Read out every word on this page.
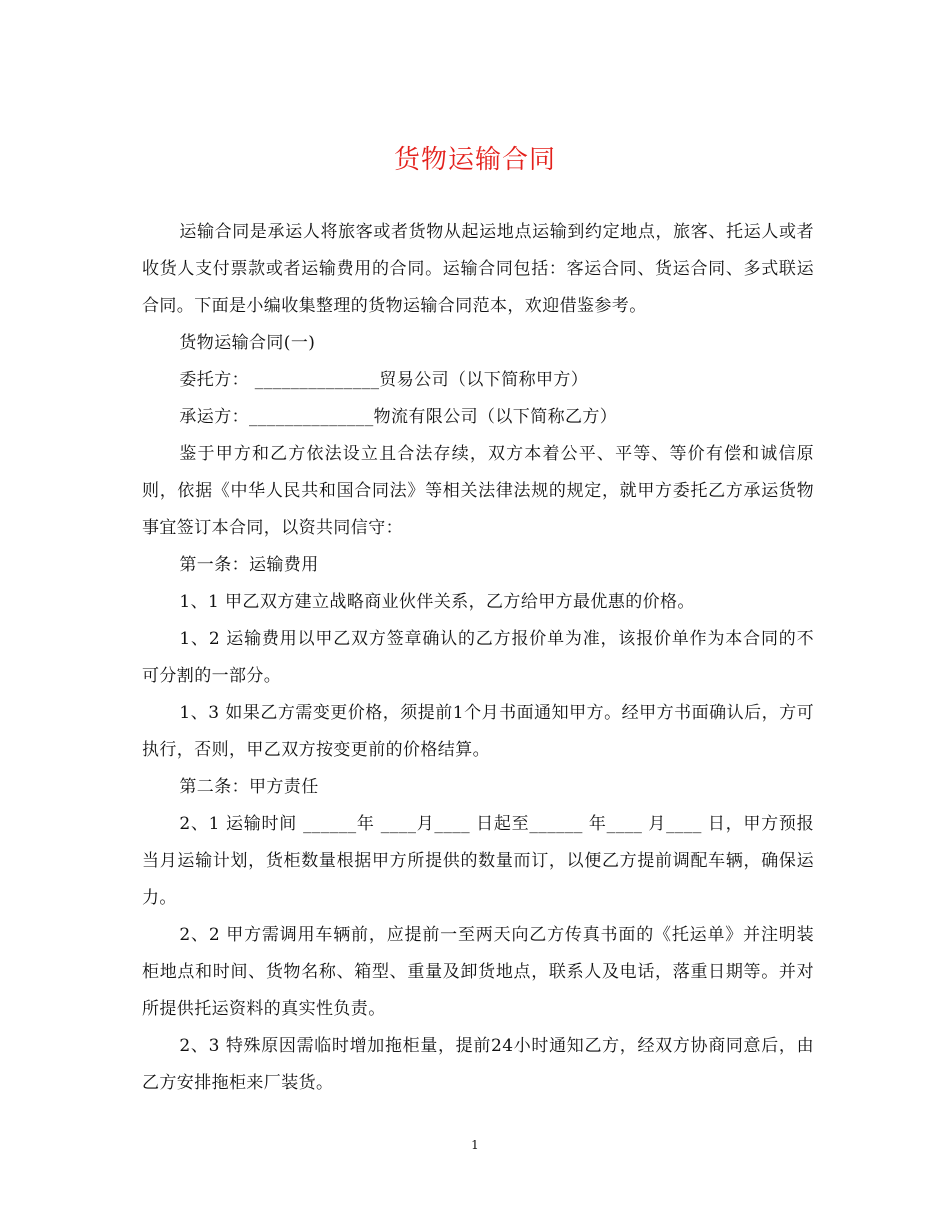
货物运输合同

运输合同是承运人将旅客或者货物从起运地点运输到约定地点，旅客、托运人或者收货人支付票款或者运输费用的合同。运输合同包括：客运合同、货运合同、多式联运合同。下面是小编收集整理的货物运输合同范本，欢迎借鉴参考。

货物运输合同(一)

委托方： ______________贸易公司（以下简称甲方）

承运方：______________物流有限公司（以下简称乙方）

鉴于甲方和乙方依法设立且合法存续，双方本着公平、平等、等价有偿和诚信原则，依据《中华人民共和国合同法》等相关法律法规的规定，就甲方委托乙方承运货物事宜签订本合同，以资共同信守：

第一条：运输费用

1、1 甲乙双方建立战略商业伙伴关系，乙方给甲方最优惠的价格。

1、2 运输费用以甲乙双方签章确认的乙方报价单为准，该报价单作为本合同的不可分割的一部分。

1、3 如果乙方需变更价格，须提前1个月书面通知甲方。经甲方书面确认后，方可执行，否则，甲乙双方按变更前的价格结算。

第二条：甲方责任

2、1 运输时间 ______年 ____月____ 日起至______ 年____ 月____ 日，甲方预报当月运输计划，货柜数量根据甲方所提供的数量而订，以便乙方提前调配车辆，确保运力。

2、2 甲方需调用车辆前，应提前一至两天向乙方传真书面的《托运单》并注明装柜地点和时间、货物名称、箱型、重量及卸货地点，联系人及电话，落重日期等。并对所提供托运资料的真实性负责。

2、3 特殊原因需临时增加拖柜量，提前24小时通知乙方，经双方协商同意后，由乙方安排拖柜来厂装货。

1
